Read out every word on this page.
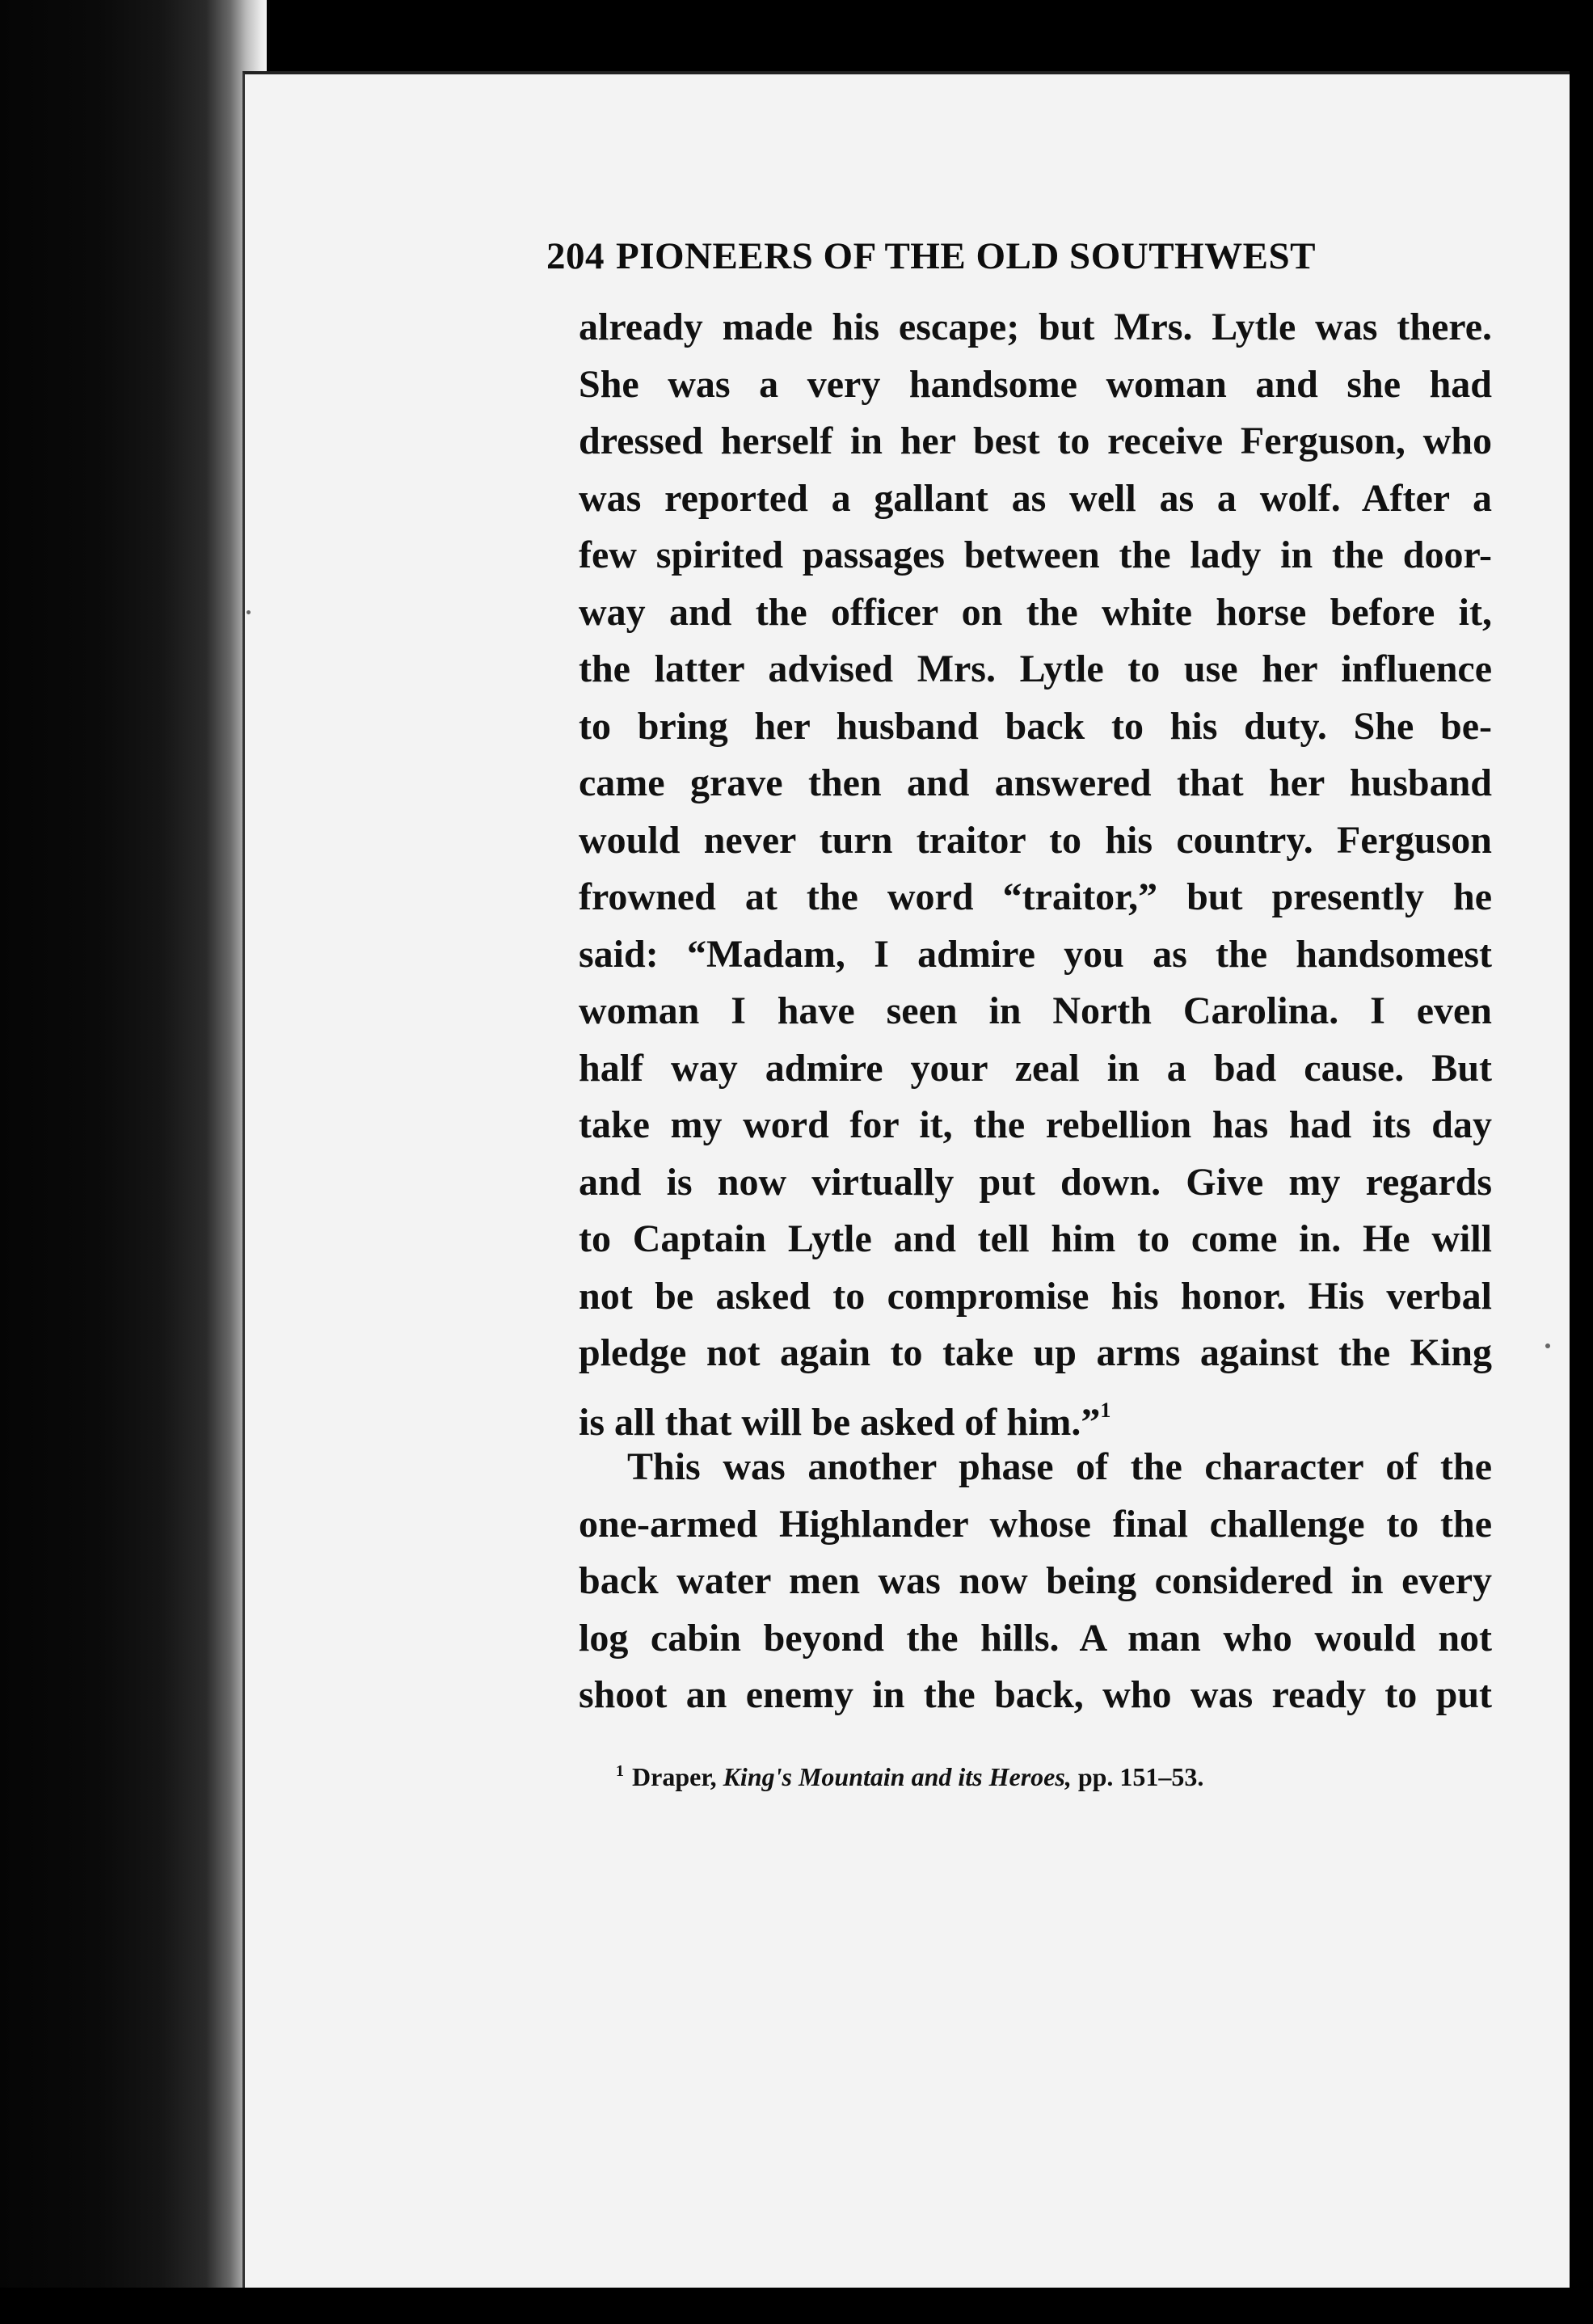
204 PIONEERS OF THE OLD SOUTHWEST
already made his escape; but Mrs. Lytle was there.
She was a very handsome woman and she had
dressed herself in her best to receive Ferguson, who
was reported a gallant as well as a wolf. After a
few spirited passages between the lady in the door-
way and the officer on the white horse before it,
the latter advised Mrs. Lytle to use her influence
to bring her husband back to his duty. She be-
came grave then and answered that her husband
would never turn traitor to his country. Ferguson
frowned at the word “traitor,” but presently he
said: “Madam, I admire you as the handsomest
woman I have seen in North Carolina. I even
half way admire your zeal in a bad cause. But
take my word for it, the rebellion has had its day
and is now virtually put down. Give my regards
to Captain Lytle and tell him to come in. He will
not be asked to compromise his honor. His verbal
pledge not again to take up arms against the King
is all that will be asked of him.”$^1$
This was another phase of the character of the
one-armed Highlander whose final challenge to the
back water men was now being considered in every
log cabin beyond the hills. A man who would not
shoot an enemy in the back, who was ready to put
$^1$ Draper, King's Mountain and its Heroes, pp. 151–53.
